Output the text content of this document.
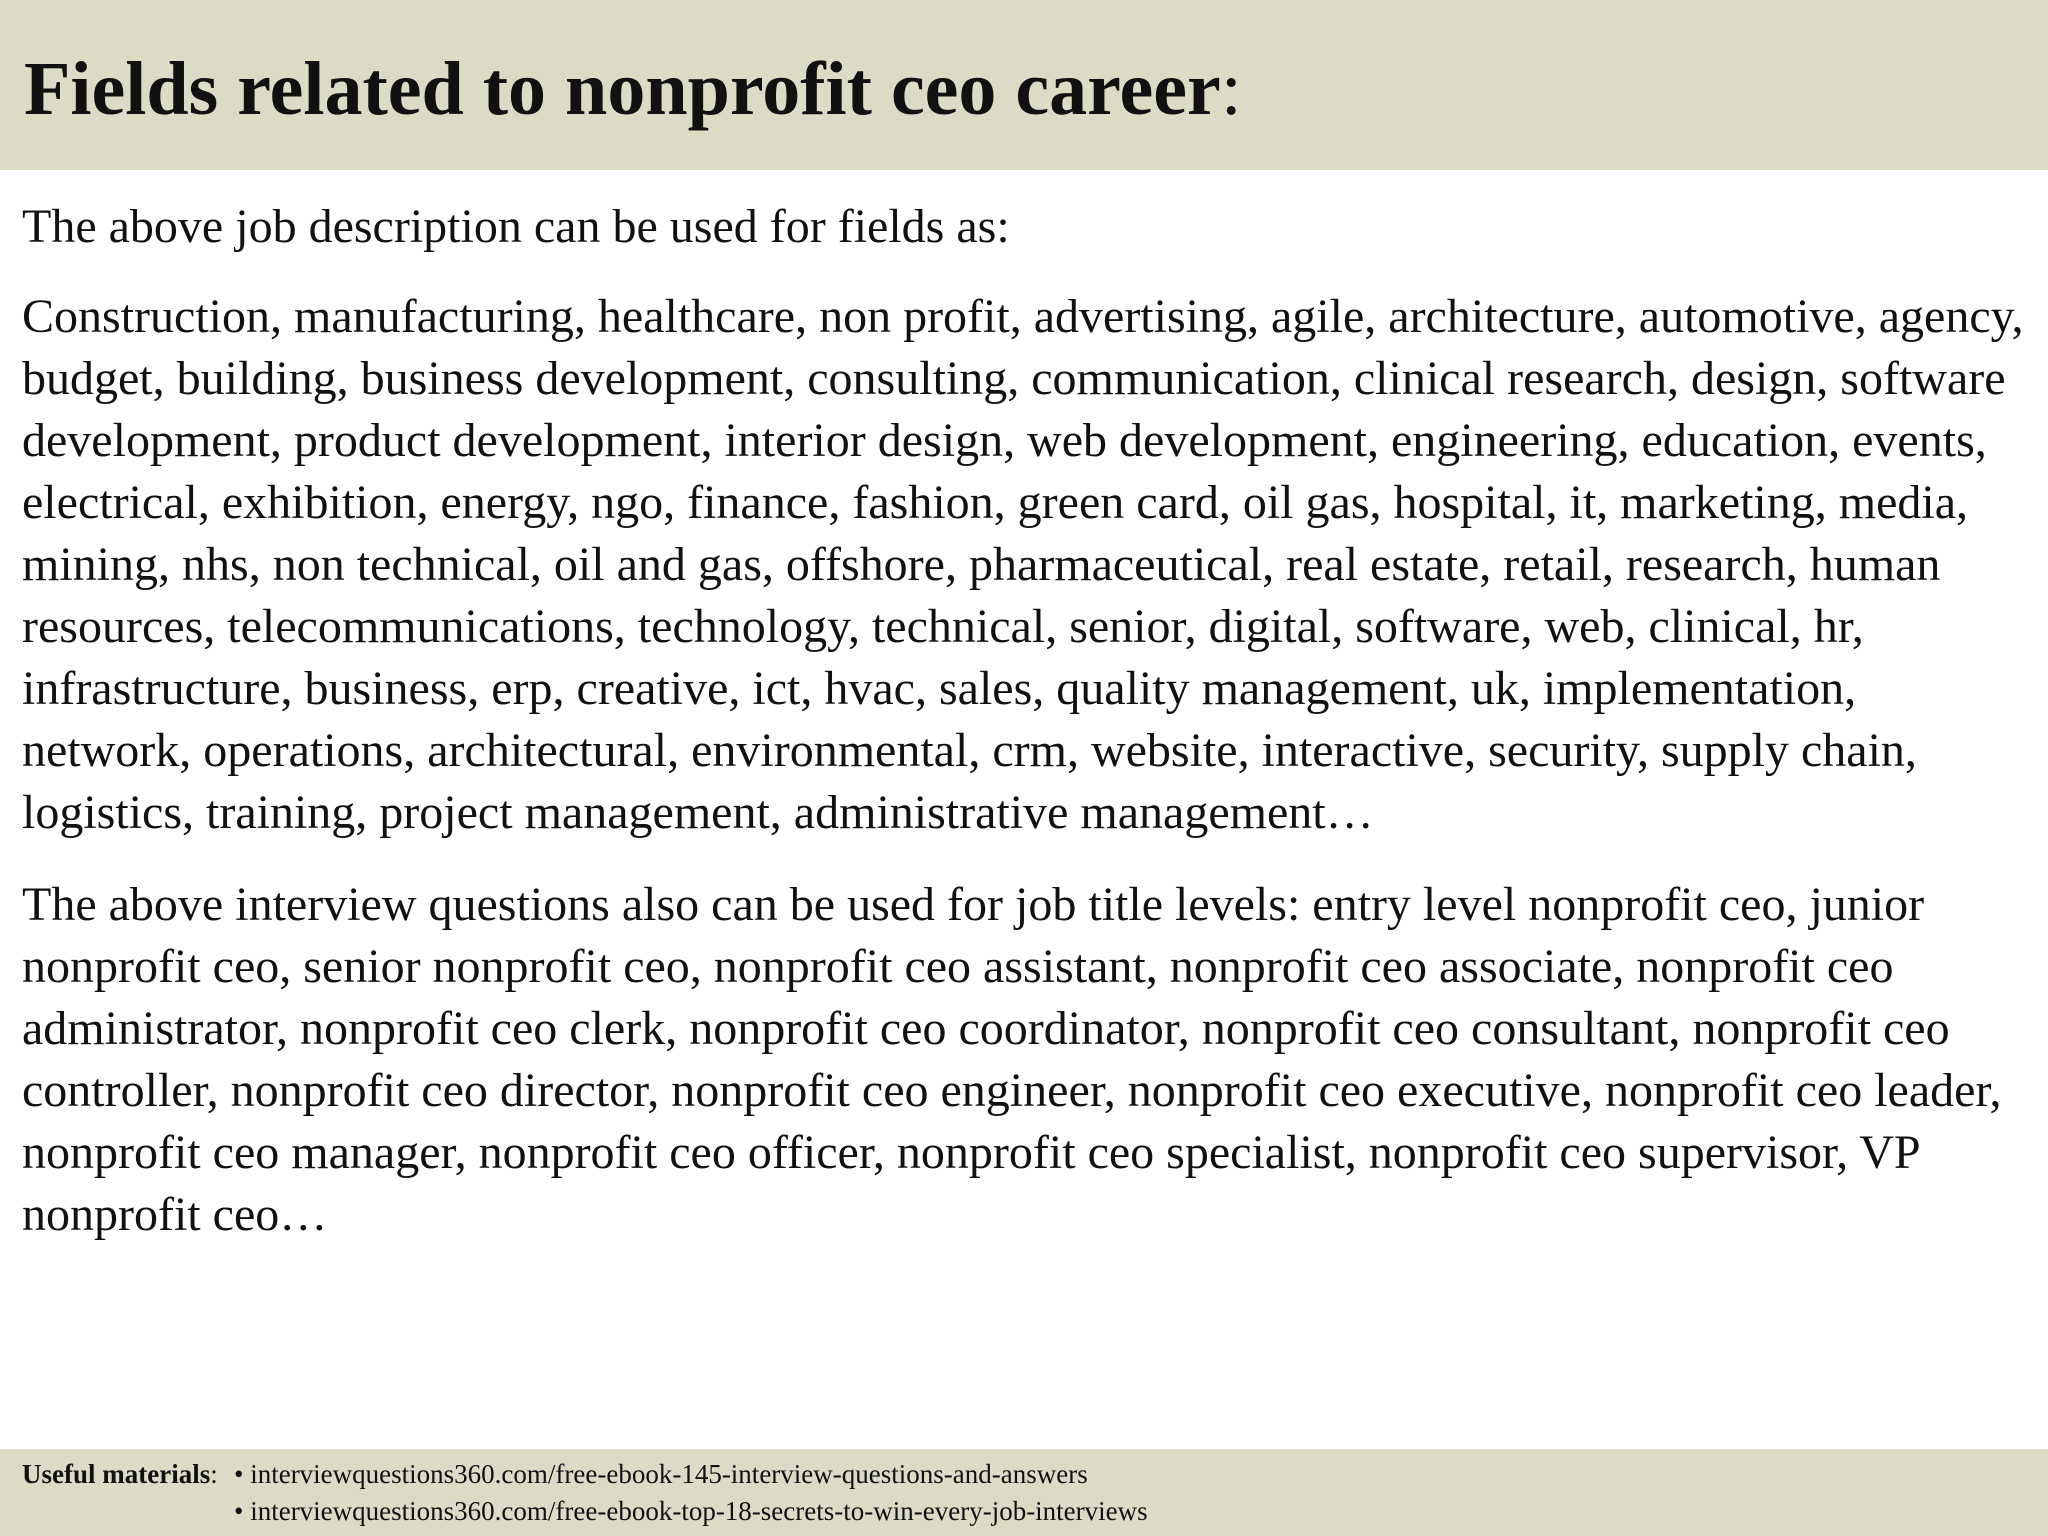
Fields related to nonprofit ceo career:

The above job description can be used for fields as:

Construction, manufacturing, healthcare, non profit, advertising, agile, architecture, automotive, agency, budget, building, business development, consulting, communication, clinical research, design, software development, product development, interior design, web development, engineering, education, events, electrical, exhibition, energy, ngo, finance, fashion, green card, oil gas, hospital, it, marketing, media, mining, nhs, non technical, oil and gas, offshore, pharmaceutical, real estate, retail, research, human resources, telecommunications, technology, technical, senior, digital, software, web, clinical, hr, infrastructure, business, erp, creative, ict, hvac, sales, quality management, uk, implementation, network, operations, architectural, environmental, crm, website, interactive, security, supply chain, logistics, training, project management, administrative management…

The above interview questions also can be used for job title levels: entry level nonprofit ceo, junior nonprofit ceo, senior nonprofit ceo, nonprofit ceo assistant, nonprofit ceo associate, nonprofit ceo administrator, nonprofit ceo clerk, nonprofit ceo coordinator, nonprofit ceo consultant, nonprofit ceo controller, nonprofit ceo director, nonprofit ceo engineer, nonprofit ceo executive, nonprofit ceo leader, nonprofit ceo manager, nonprofit ceo officer, nonprofit ceo specialist, nonprofit ceo supervisor, VP nonprofit ceo…

Useful materials: • interviewquestions360.com/free-ebook-145-interview-questions-and-answers
• interviewquestions360.com/free-ebook-top-18-secrets-to-win-every-job-interviews
